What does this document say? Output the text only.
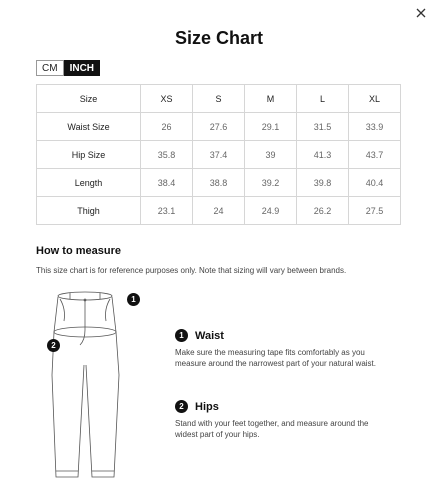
Size Chart
CM	INCH
Size	XS	S	M	L	XL
Waist Size	26	27.6	29.1	31.5	33.9
Hip Size	35.8	37.4	39	41.3	43.7
Length	38.4	38.8	39.2	39.8	40.4
Thigh	23.1	24	24.9	26.2	27.5
How to measure
This size chart is for reference purposes only. Note that sizing will vary between brands.
1
2
1	Waist
Make sure the measuring tape fits comfortably as you measure around the narrowest part of your natural waist.
2	Hips
Stand with your feet together, and measure around the widest part of your hips.
